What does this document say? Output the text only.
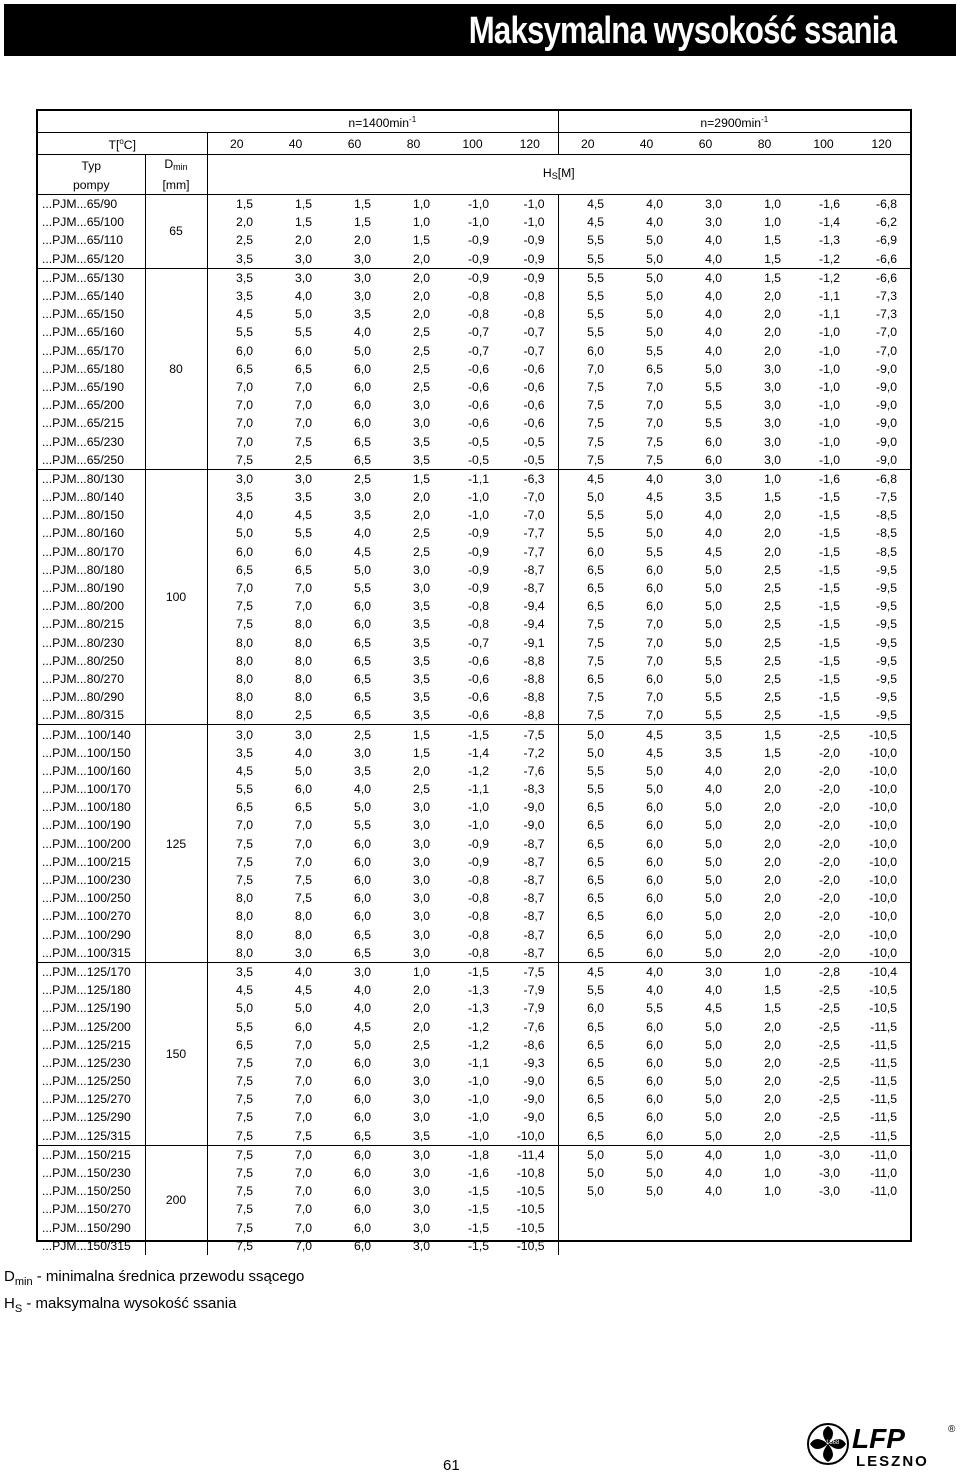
Maksymalna wysokość ssania
		$n=1400\min^{-1}$						$n=2900\min^{-1}$
T[$^o$C]		20	40	60	80	100	120	20	40	60	80	100	120
Typ	$D_{min}$	$H_S[M]$											
pompy	[mm]												
...PJM...65/90	65	1,5	1,5	1,5	1,0	-1,0	-1,0	4,5	4,0	3,0	1,0	-1,6	-6,8
...PJM...65/100		2,0	1,5	1,5	1,0	-1,0	-1,0	4,5	4,0	3,0	1,0	-1,4	-6,2
...PJM...65/110		2,5	2,0	2,0	1,5	-0,9	-0,9	5,5	5,0	4,0	1,5	-1,3	-6,9
...PJM...65/120		3,5	3,0	3,0	2,0	-0,9	-0,9	5,5	5,0	4,0	1,5	-1,2	-6,6
...PJM...65/130	80	3,5	3,0	3,0	2,0	-0,9	-0,9	5,5	5,0	4,0	1,5	-1,2	-6,6
...PJM...65/140		3,5	4,0	3,0	2,0	-0,8	-0,8	5,5	5,0	4,0	2,0	-1,1	-7,3
...PJM...65/150		4,5	5,0	3,5	2,0	-0,8	-0,8	5,5	5,0	4,0	2,0	-1,1	-7,3
...PJM...65/160		5,5	5,5	4,0	2,5	-0,7	-0,7	5,5	5,0	4,0	2,0	-1,0	-7,0
...PJM...65/170		6,0	6,0	5,0	2,5	-0,7	-0,7	6,0	5,5	4,0	2,0	-1,0	-7,0
...PJM...65/180		6,5	6,5	6,0	2,5	-0,6	-0,6	7,0	6,5	5,0	3,0	-1,0	-9,0
...PJM...65/190		7,0	7,0	6,0	2,5	-0,6	-0,6	7,5	7,0	5,5	3,0	-1,0	-9,0
...PJM...65/200		7,0	7,0	6,0	3,0	-0,6	-0,6	7,5	7,0	5,5	3,0	-1,0	-9,0
...PJM...65/215		7,0	7,0	6,0	3,0	-0,6	-0,6	7,5	7,0	5,5	3,0	-1,0	-9,0
...PJM...65/230		7,0	7,5	6,5	3,5	-0,5	-0,5	7,5	7,5	6,0	3,0	-1,0	-9,0
...PJM...65/250		7,5	2,5	6,5	3,5	-0,5	-0,5	7,5	7,5	6,0	3,0	-1,0	-9,0
...PJM...80/130	100	3,0	3,0	2,5	1,5	-1,1	-6,3	4,5	4,0	3,0	1,0	-1,6	-6,8
...PJM...80/140		3,5	3,5	3,0	2,0	-1,0	-7,0	5,0	4,5	3,5	1,5	-1,5	-7,5
...PJM...80/150		4,0	4,5	3,5	2,0	-1,0	-7,0	5,5	5,0	4,0	2,0	-1,5	-8,5
...PJM...80/160		5,0	5,5	4,0	2,5	-0,9	-7,7	5,5	5,0	4,0	2,0	-1,5	-8,5
...PJM...80/170		6,0	6,0	4,5	2,5	-0,9	-7,7	6,0	5,5	4,5	2,0	-1,5	-8,5
...PJM...80/180		6,5	6,5	5,0	3,0	-0,9	-8,7	6,5	6,0	5,0	2,5	-1,5	-9,5
...PJM...80/190		7,0	7,0	5,5	3,0	-0,9	-8,7	6,5	6,0	5,0	2,5	-1,5	-9,5
...PJM...80/200		7,5	7,0	6,0	3,5	-0,8	-9,4	6,5	6,0	5,0	2,5	-1,5	-9,5
...PJM...80/215		7,5	8,0	6,0	3,5	-0,8	-9,4	7,5	7,0	5,0	2,5	-1,5	-9,5
...PJM...80/230		8,0	8,0	6,5	3,5	-0,7	-9,1	7,5	7,0	5,0	2,5	-1,5	-9,5
...PJM...80/250		8,0	8,0	6,5	3,5	-0,6	-8,8	7,5	7,0	5,5	2,5	-1,5	-9,5
...PJM...80/270		8,0	8,0	6,5	3,5	-0,6	-8,8	6,5	6,0	5,0	2,5	-1,5	-9,5
...PJM...80/290		8,0	8,0	6,5	3,5	-0,6	-8,8	7,5	7,0	5,5	2,5	-1,5	-9,5
...PJM...80/315		8,0	2,5	6,5	3,5	-0,6	-8,8	7,5	7,0	5,5	2,5	-1,5	-9,5
...PJM...100/140	125	3,0	3,0	2,5	1,5	-1,5	-7,5	5,0	4,5	3,5	1,5	-2,5	-10,5
...PJM...100/150		3,5	4,0	3,0	1,5	-1,4	-7,2	5,0	4,5	3,5	1,5	-2,0	-10,0
...PJM...100/160		4,5	5,0	3,5	2,0	-1,2	-7,6	5,5	5,0	4,0	2,0	-2,0	-10,0
...PJM...100/170		5,5	6,0	4,0	2,5	-1,1	-8,3	5,5	5,0	4,0	2,0	-2,0	-10,0
...PJM...100/180		6,5	6,5	5,0	3,0	-1,0	-9,0	6,5	6,0	5,0	2,0	-2,0	-10,0
...PJM...100/190		7,0	7,0	5,5	3,0	-1,0	-9,0	6,5	6,0	5,0	2,0	-2,0	-10,0
...PJM...100/200		7,5	7,0	6,0	3,0	-0,9	-8,7	6,5	6,0	5,0	2,0	-2,0	-10,0
...PJM...100/215		7,5	7,0	6,0	3,0	-0,9	-8,7	6,5	6,0	5,0	2,0	-2,0	-10,0
...PJM...100/230		7,5	7,5	6,0	3,0	-0,8	-8,7	6,5	6,0	5,0	2,0	-2,0	-10,0
...PJM...100/250		8,0	7,5	6,0	3,0	-0,8	-8,7	6,5	6,0	5,0	2,0	-2,0	-10,0
...PJM...100/270		8,0	8,0	6,0	3,0	-0,8	-8,7	6,5	6,0	5,0	2,0	-2,0	-10,0
...PJM...100/290		8,0	8,0	6,5	3,0	-0,8	-8,7	6,5	6,0	5,0	2,0	-2,0	-10,0
...PJM...100/315		8,0	3,0	6,5	3,0	-0,8	-8,7	6,5	6,0	5,0	2,0	-2,0	-10,0
...PJM...125/170	150	3,5	4,0	3,0	1,0	-1,5	-7,5	4,5	4,0	3,0	1,0	-2,8	-10,4
...PJM...125/180		4,5	4,5	4,0	2,0	-1,3	-7,9	5,5	4,0	4,0	1,5	-2,5	-10,5
...PJM...125/190		5,0	5,0	4,0	2,0	-1,3	-7,9	6,0	5,5	4,5	1,5	-2,5	-10,5
...PJM...125/200		5,5	6,0	4,5	2,0	-1,2	-7,6	6,5	6,0	5,0	2,0	-2,5	-11,5
...PJM...125/215		6,5	7,0	5,0	2,5	-1,2	-8,6	6,5	6,0	5,0	2,0	-2,5	-11,5
...PJM...125/230		7,5	7,0	6,0	3,0	-1,1	-9,3	6,5	6,0	5,0	2,0	-2,5	-11,5
...PJM...125/250		7,5	7,0	6,0	3,0	-1,0	-9,0	6,5	6,0	5,0	2,0	-2,5	-11,5
...PJM...125/270		7,5	7,0	6,0	3,0	-1,0	-9,0	6,5	6,0	5,0	2,0	-2,5	-11,5
...PJM...125/290		7,5	7,0	6,0	3,0	-1,0	-9,0	6,5	6,0	5,0	2,0	-2,5	-11,5
...PJM...125/315		7,5	7,5	6,5	3,5	-1,0	-10,0	6,5	6,0	5,0	2,0	-2,5	-11,5
...PJM...150/215	200	7,5	7,0	6,0	3,0	-1,8	-11,4	5,0	5,0	4,0	1,0	-3,0	-11,0
...PJM...150/230		7,5	7,0	6,0	3,0	-1,6	-10,8	5,0	5,0	4,0	1,0	-3,0	-11,0
...PJM...150/250		7,5	7,0	6,0	3,0	-1,5	-10,5	5,0	5,0	4,0	1,0	-3,0	-11,0
...PJM...150/270		7,5	7,0	6,0	3,0	-1,5	-10,5						
...PJM...150/290		7,5	7,0	6,0	3,0	-1,5	-10,5						
...PJM...150/315		7,5	7,0	6,0	3,0	-1,5	-10,5						
$D_{min}$ - minimalna średnica przewodu ssącego
$H_S$ - maksymalna wysokość ssania
61
1868 LFP	®
LESZNO
